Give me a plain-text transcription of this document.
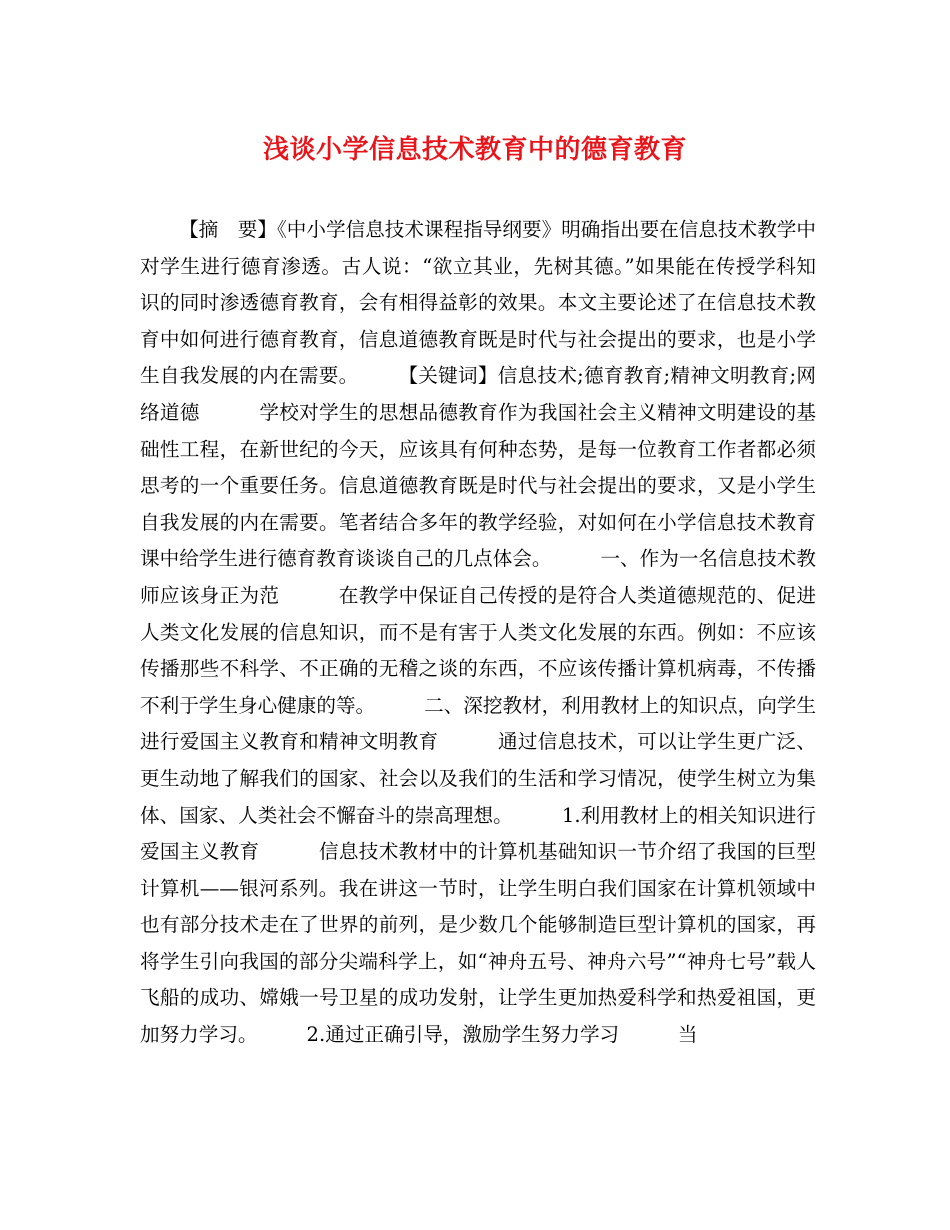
浅谈小学信息技术教育中的德育教育

【摘　要】《中小学信息技术课程指导纲要》明确指出要在信息技术教学中对学生进行德育渗透。古人说：“欲立其业，先树其德。”如果能在传授学科知识的同时渗透德育教育，会有相得益彰的效果。本文主要论述了在信息技术教育中如何进行德育教育，信息道德教育既是时代与社会提出的要求，也是小学生自我发展的内在需要。　　　【关键词】信息技术;德育教育;精神文明教育;网络道德　　　学校对学生的思想品德教育作为我国社会主义精神文明建设的基础性工程，在新世纪的今天，应该具有何种态势，是每一位教育工作者都必须思考的一个重要任务。信息道德教育既是时代与社会提出的要求，又是小学生自我发展的内在需要。笔者结合多年的教学经验，对如何在小学信息技术教育课中给学生进行德育教育谈谈自己的几点体会。　　　一、作为一名信息技术教师应该身正为范　　　在教学中保证自己传授的是符合人类道德规范的、促进人类文化发展的信息知识，而不是有害于人类文化发展的东西。例如：不应该传播那些不科学、不正确的无稽之谈的东西，不应该传播计算机病毒，不传播不利于学生身心健康的等。　　　二、深挖教材，利用教材上的知识点，向学生进行爱国主义教育和精神文明教育　　　通过信息技术，可以让学生更广泛、更生动地了解我们的国家、社会以及我们的生活和学习情况，使学生树立为集体、国家、人类社会不懈奋斗的崇高理想。　　　1.利用教材上的相关知识进行爱国主义教育　　　信息技术教材中的计算机基础知识一节介绍了我国的巨型计算机——银河系列。我在讲这一节时，让学生明白我们国家在计算机领域中也有部分技术走在了世界的前列，是少数几个能够制造巨型计算机的国家，再将学生引向我国的部分尖端科学上，如“神舟五号、神舟六号”“神舟七号”载人飞船的成功、嫦娥一号卫星的成功发射，让学生更加热爱科学和热爱祖国，更加努力学习。　　　2.通过正确引导，激励学生努力学习　　　当
